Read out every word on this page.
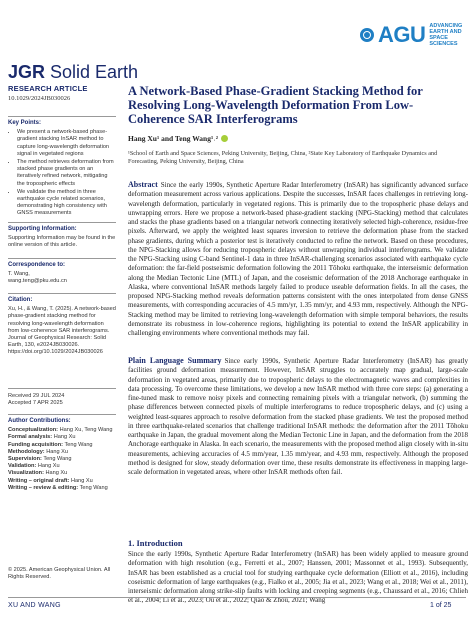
AGU ADVANCING
EARTH AND
SPACE SCIENCES
JGR Solid Earth
RESEARCH ARTICLE
10.1029/2024JB030026
Key Points:
• We present a network-based phase-gradient stacking InSAR method to capture long-wavelength deformation signal in vegetated regions
• The method retrieves deformation from stacked phase gradients on an iteratively refined network, mitigating the tropospheric effects
• We validate the method in three earthquake cycle related scenarios, demonstrating high consistency with GNSS measurements
Supporting Information:

Supporting Information may be found in the online version of this article.

Correspondence to:

T. Wang,

wang.teng@pku.edu.cn

Citation:

Xu, H., & Wang, T. (2025). A network-based phase-gradient stacking method for resolving long-wavelength deformation from low-coherence SAR interferograms. Journal of Geophysical Research: Solid Earth, 130, e2024JB030026. https://doi.org/10.1029/2024JB030026

Received 29 JUL 2024

Accepted 7 APR 2025

Author Contributions:

Conceptualization: Hang Xu, Teng Wang

Formal analysis: Hang Xu

Funding acquisition: Teng Wang

Methodology: Hang Xu

Supervision: Teng Wang

Validation: Hang Xu

Visualization: Hang Xu

Writing – original draft: Hang Xu

Writing – review & editing: Teng Wang

© 2025. American Geophysical Union. All Rights Reserved.
A Network-Based Phase-Gradient Stacking Method for Resolving Long-Wavelength Deformation From Low-Coherence SAR Interferograms
Hang Xu¹ and Teng Wang¹˒²
¹School of Earth and Space Sciences, Peking University, Beijing, China, ²State Key Laboratory of Earthquake Dynamics and Forecasting, Peking University, Beijing, China
Abstract Since the early 1990s, Synthetic Aperture Radar Interferometry (InSAR) has significantly advanced surface deformation measurement across various applications. Despite the successes, InSAR faces challenges in retrieving long-wavelength deformation, particularly in vegetated regions. This is primarily due to the tropospheric phase delays and unwrapping errors. Here we propose a network-based phase-gradient stacking (NPG-Stacking) method that calculates and stacks the phase gradients based on a triangular network connecting iteratively selected high-coherence, residue-free pixels. Afterward, we apply the weighted least squares inversion to retrieve the deformation phase from the stacked phase gradients, during which a posterior test is iteratively conducted to refine the network. Based on these procedures, the NPG-Stacking allows for reducing tropospheric delays without unwrapping individual interferograms. We validate the NPG-Stacking using C-band Sentinel-1 data in three InSAR-challenging scenarios associated with earthquake cycle deformation: the far-field postseismic deformation following the 2011 Tōhoku earthquake, the interseismic deformation along the Median Tectonic Line (MTL) of Japan, and the coseismic deformation of the 2018 Anchorage earthquake in Alaska, where conventional InSAR methods largely failed to produce useable deformation fields. In all the cases, the proposed NPG-Stacking method reveals deformation patterns consistent with the ones interpolated from dense GNSS measurements, with corresponding accuracies of 4.5 mm/yr, 1.35 mm/yr, and 4.93 mm, respectively. Although the NPG-Stacking method may be limited to retrieving long-wavelength deformation with simple temporal behaviors, the results demonstrate its robustness in low-coherence regions, highlighting its potential to extend the InSAR applicability in challenging environments where conventional methods may fail.
Plain Language Summary Since early 1990s, Synthetic Aperture Radar Interferometry (InSAR) has greatly facilities ground deformation measurement. However, InSAR struggles to accurately map gradual, large-scale deformation in vegetated areas, primarily due to tropospheric delays to the electromagnetic waves and complexities in data processing. To overcome these limitations, we develop a new InSAR method with three core steps: (a) generating a fine-tuned mask to remove noisy pixels and connecting remaining pixels with a triangular network, (b) summing the phase differences between connected pixels of multiple interferograms to reduce tropospheric delays, and (c) using a weighted least-squares approach to resolve deformation from the stacked phase gradients. We test the proposed method in three earthquake-related scenarios that challenge traditional InSAR methods: the deformation after the 2011 Tōhoku earthquake in Japan, the gradual movement along the Median Tectonic Line in Japan, and the deformation from the 2018 Anchorage earthquake in Alaska. In each scenario, the measurements with the proposed method align closely with in-situ measurements, achieving accuracies of 4.5 mm/year, 1.35 mm/year, and 4.93 mm, respectively. Although the proposed method is designed for slow, steady deformation over time, these results demonstrate its effectiveness in mapping large-scale deformation in vegetated areas, where other InSAR methods often fail.
1. Introduction
Since the early 1990s, Synthetic Aperture Radar Interferometry (InSAR) has been widely applied to measure ground deformation with high resolution (e.g., Ferretti et al., 2007; Hanssen, 2001; Massonnet et al., 1993). Subsequently, InSAR has been established as a crucial tool for studying earthquake cycle deformation (Elliott et al., 2016), including coseismic deformation of large earthquakes (e.g., Fialko et al., 2005; Jia et al., 2023; Wang et al., 2018; Wei et al., 2011), interseismic deformation along strike-slip faults with locking and creeping segments (e.g., Chaussard et al., 2016; Chlieh et al., 2004; Li et al., 2023; Ou et al., 2022; Qiao & Zhou, 2021; Wang
XU AND WANG	1 of 25
